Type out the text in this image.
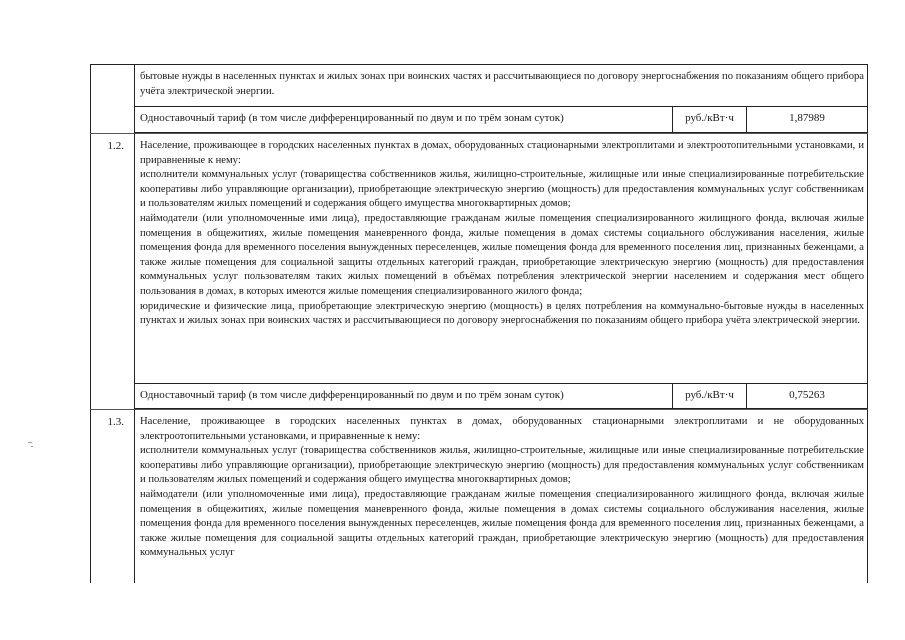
бытовые нужды в населенных пунктах и жилых зонах при воинских частях и рассчитывающиеся по договору энергоснабжения по показаниям общего прибора учёта электрической энергии.

Одноставочный тариф (в том числе дифференцированный по двум и по трём зонам суток)	руб./кВт·ч	1,87989
1.2. Население, проживающее в городских населенных пунктах в домах, оборудованных стационарными электроплитами и электроотопительными установками, и приравненные к нему:

исполнители коммунальных услуг (товарищества собственников жилья, жилищно-строительные, жилищные или иные специализированные потребительские кооперативы либо управляющие организации), приобретающие электрическую энергию (мощность) для предоставления коммунальных услуг собственникам и пользователям жилых помещений и содержания общего имущества многоквартирных домов;

наймодатели (или уполномоченные ими лица), предоставляющие гражданам жилые помещения специализированного жилищного фонда, включая жилые помещения в общежитиях, жилые помещения маневренного фонда, жилые помещения в домах системы социального обслуживания населения, жилые помещения фонда для временного поселения вынужденных переселенцев, жилые помещения фонда для временного поселения лиц, признанных беженцами, а также жилые помещения для социальной защиты отдельных категорий граждан, приобретающие электрическую энергию (мощность) для предоставления коммунальных услуг пользователям таких жилых помещений в объёмах потребления электрической энергии населением и содержания мест общего пользования в домах, в которых имеются жилые помещения специализированного жилого фонда;

юридические и физические лица, приобретающие электрическую энергию (мощность) в целях потребления на коммунально-бытовые нужды в населенных пунктах и жилых зонах при воинских частях и рассчитывающиеся по договору энергоснабжения по показаниям общего прибора учёта электрической энергии.

Одноставочный тариф (в том числе дифференцированный по двум и по трём зонам суток)	руб./кВт·ч	0,75263
1.3. Население, проживающее в городских населенных пунктах в домах, оборудованных стационарными электроплитами и не оборудованных электроотопительными установками, и приравненные к нему:

исполнители коммунальных услуг (товарищества собственников жилья, жилищно-строительные, жилищные или иные специализированные потребительские кооперативы либо управляющие организации), приобретающие электрическую энергию (мощность) для предоставления коммунальных услуг собственникам и пользователям жилых помещений и содержания общего имущества многоквартирных домов;

наймодатели (или уполномоченные ими лица), предоставляющие гражданам жилые помещения специализированного жилищного фонда, включая жилые помещения в общежитиях, жилые помещения маневренного фонда, жилые помещения в домах системы социального обслуживания населения, жилые помещения фонда для временного поселения вынужденных переселенцев, жилые помещения фонда для временного поселения лиц, признанных беженцами, а также жилые помещения для социальной защиты отдельных категорий граждан, приобретающие электрическую энергию (мощность) для предоставления коммунальных услуг
